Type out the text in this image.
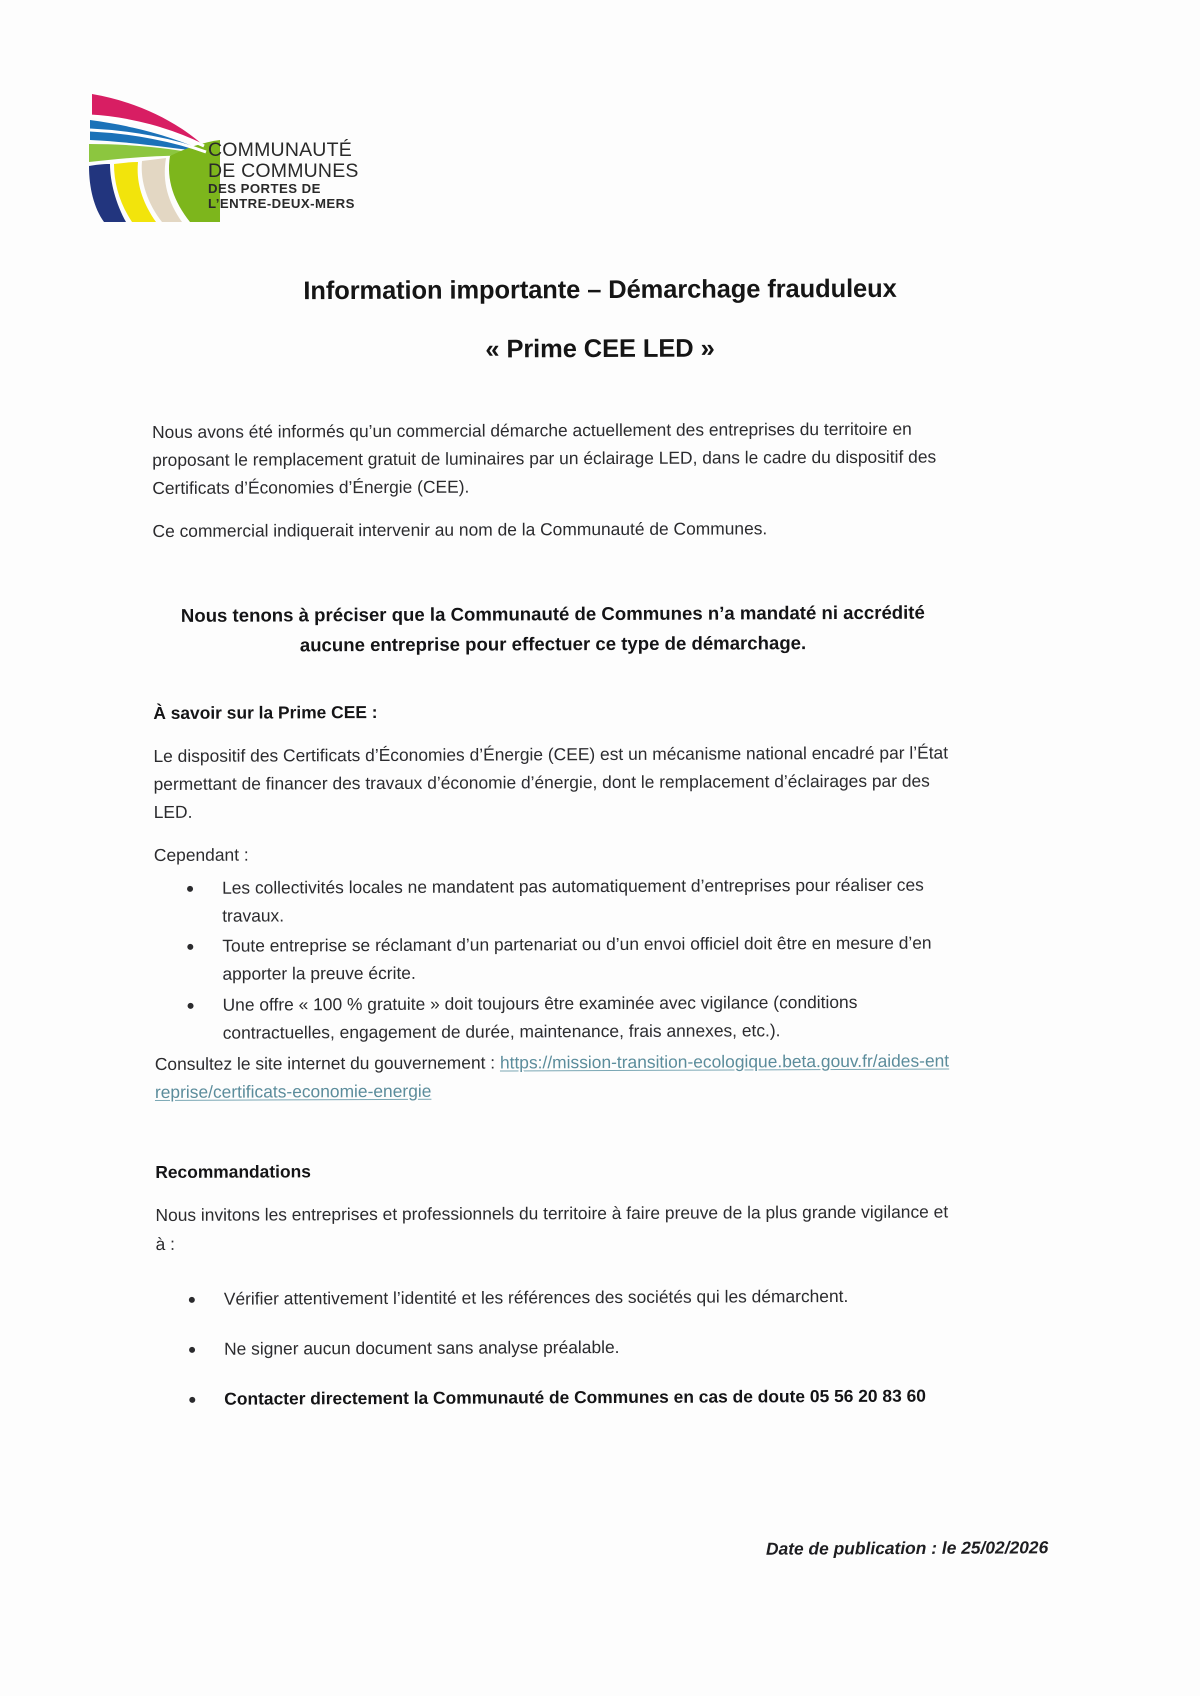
COMMUNAUTÉ
DE COMMUNES
DES PORTES DE
L’ENTRE-DEUX-MERS
Information importante – Démarchage frauduleux
« Prime CEE LED »

Nous avons été informés qu’un commercial démarche actuellement des entreprises du territoire en proposant le remplacement gratuit de luminaires par un éclairage LED, dans le cadre du dispositif des Certificats d’Économies d’Énergie (CEE).

Ce commercial indiquerait intervenir au nom de la Communauté de Communes.

Nous tenons à préciser que la Communauté de Communes n’a mandaté ni accrédité aucune entreprise pour effectuer ce type de démarchage.

À savoir sur la Prime CEE :

Le dispositif des Certificats d’Économies d’Énergie (CEE) est un mécanisme national encadré par l’État permettant de financer des travaux d’économie d’énergie, dont le remplacement d’éclairages par des LED.

Cependant :

Les collectivités locales ne mandatent pas automatiquement d’entreprises pour réaliser ces travaux.
Toute entreprise se réclamant d’un partenariat ou d’un envoi officiel doit être en mesure d’en apporter la preuve écrite.
Une offre « 100 % gratuite » doit toujours être examinée avec vigilance (conditions contractuelles, engagement de durée, maintenance, frais annexes, etc.).

Consultez le site internet du gouvernement : https://mission-transition-ecologique.beta.gouv.fr/aides-entreprise/certificats-economie-energie

Recommandations

Nous invitons les entreprises et professionnels du territoire à faire preuve de la plus grande vigilance et à :

Vérifier attentivement l’identité et les références des sociétés qui les démarchent.
Ne signer aucun document sans analyse préalable.
Contacter directement la Communauté de Communes en cas de doute 05 56 20 83 60
Date de publication : le 25/02/2026
